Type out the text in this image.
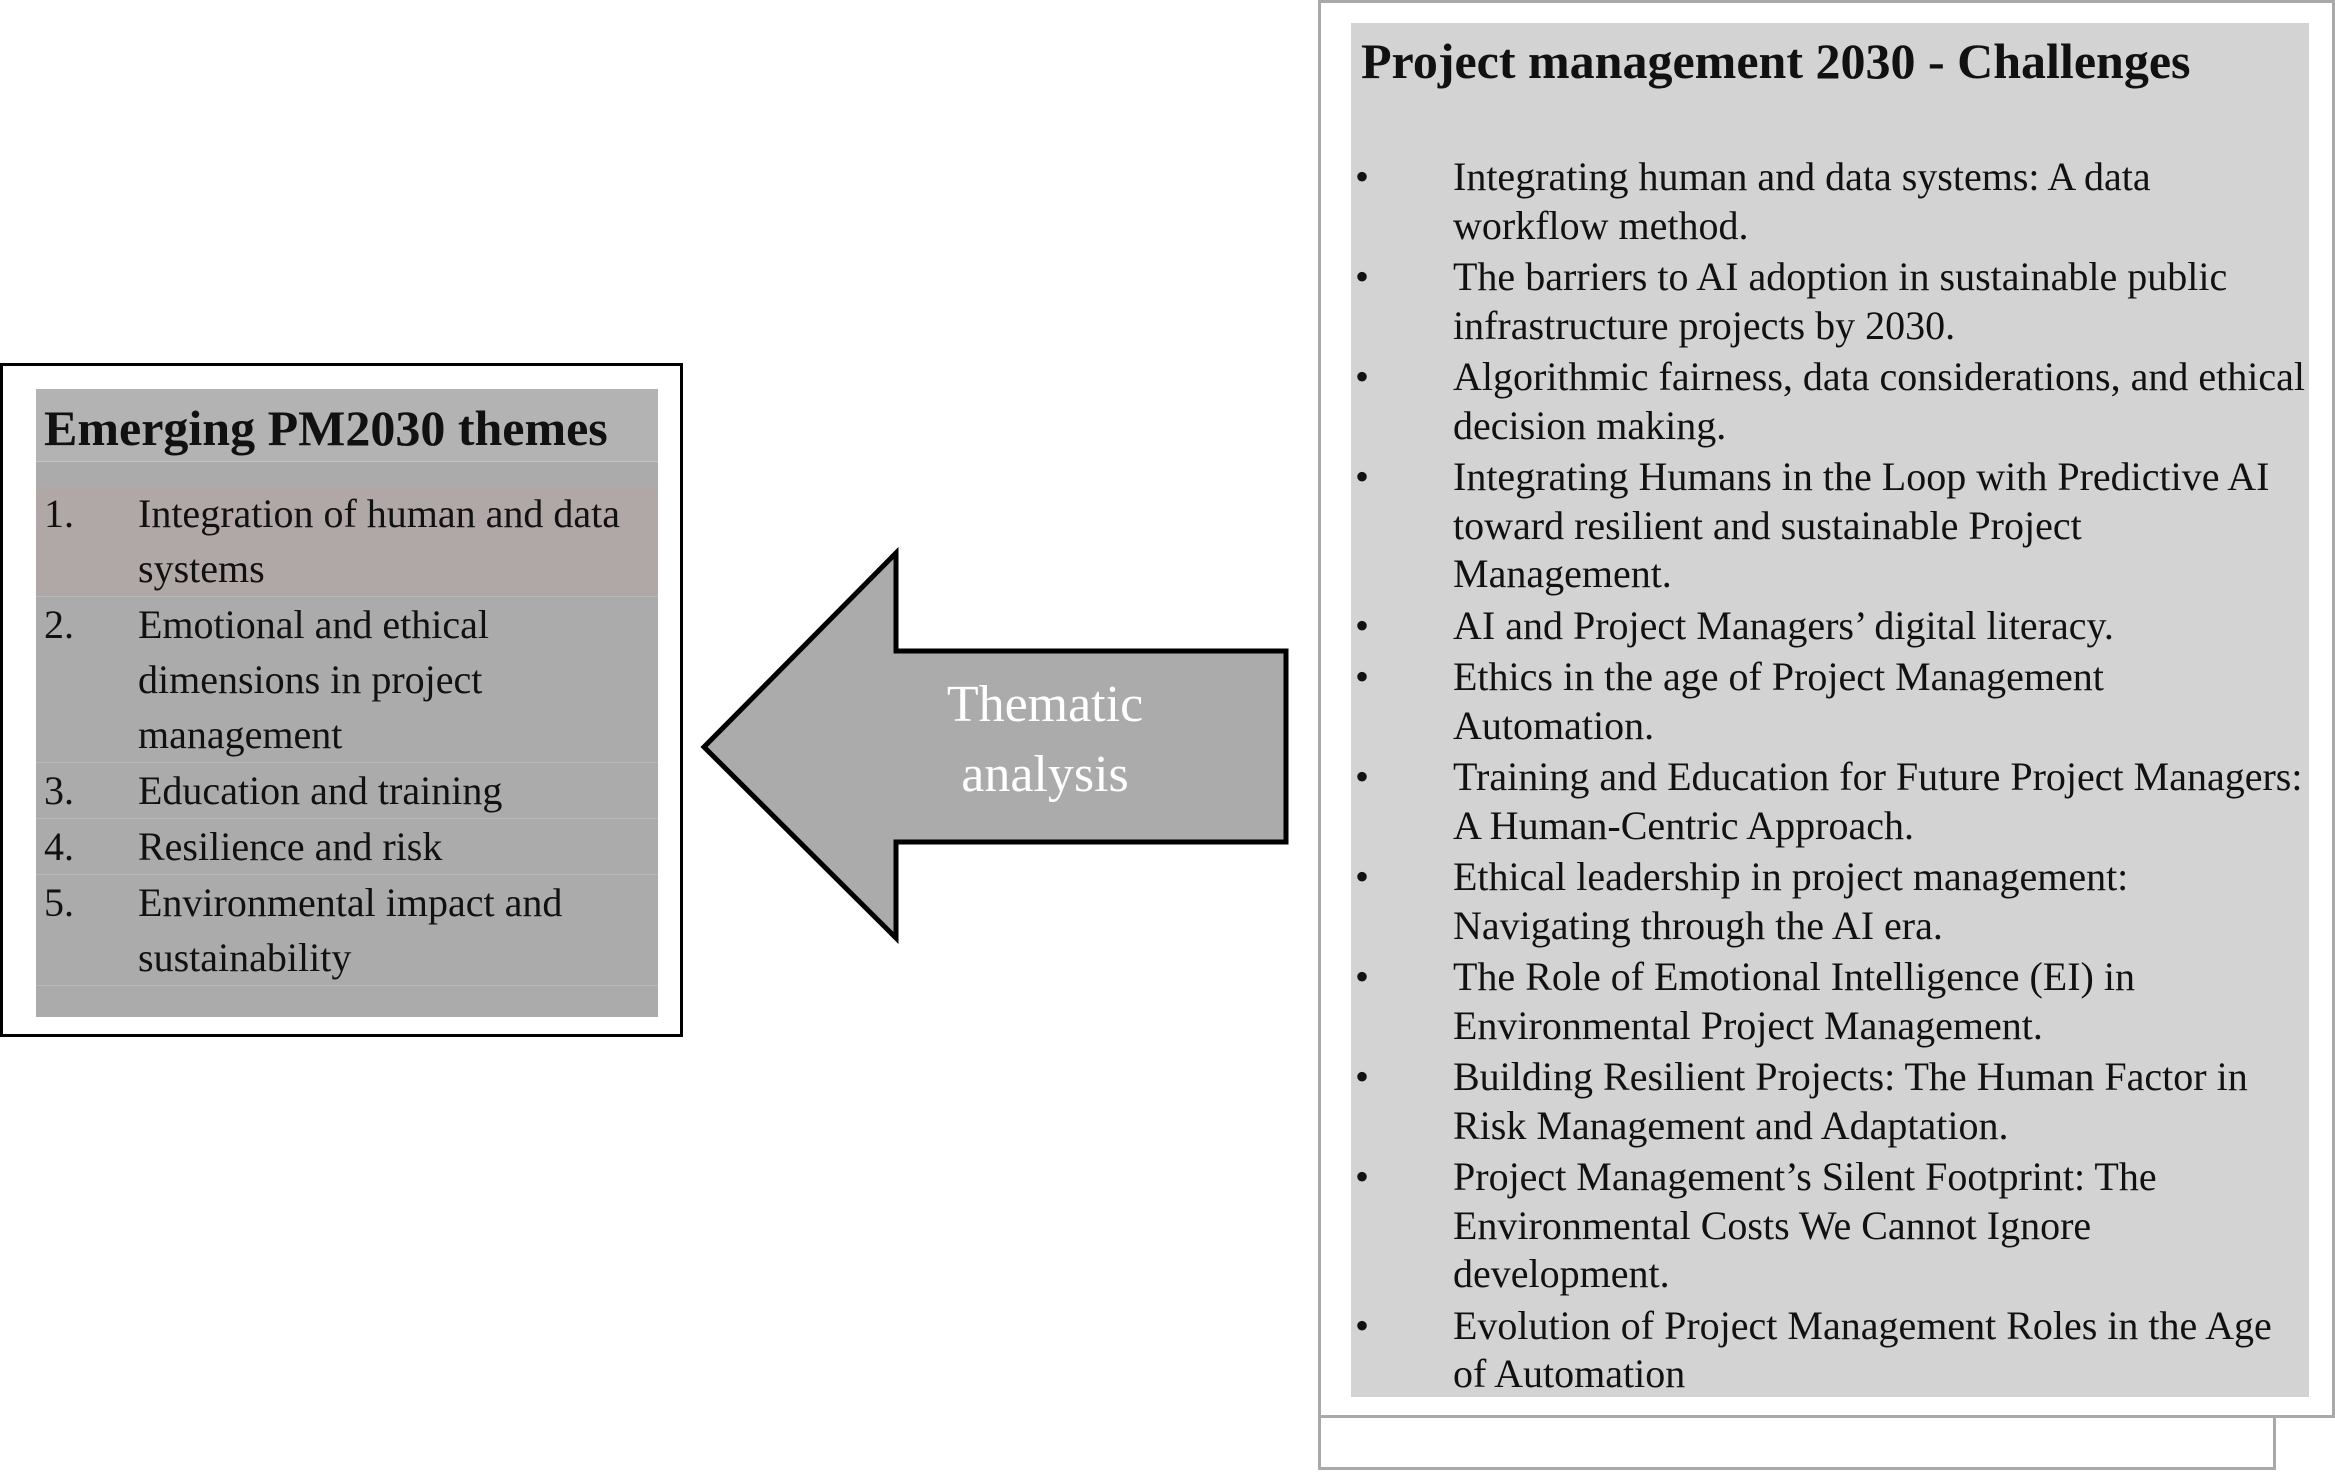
Emerging PM2030 themes
1.	Integration of human and data systems
2.	Emotional and ethical dimensions in project management
3.	Education and training
4.	Resilience and risk
5.	Environmental impact and sustainability
Thematic
analysis
Project management 2030 - Challenges
•	Integrating human and data systems: A data workflow method.
•	The barriers to AI adoption in sustainable public infrastructure projects by 2030.
•	Algorithmic fairness, data considerations, and ethical decision making.
•	Integrating Humans in the Loop with Predictive AI toward resilient and sustainable Project Management.
•	AI and Project Managers’ digital literacy.
•	Ethics in the age of Project Management Automation.
•	Training and Education for Future Project Managers: A Human-Centric Approach.
•	Ethical leadership in project management: Navigating through the AI era.
•	The Role of Emotional Intelligence (EI) in Environmental Project Management.
•	Building Resilient Projects: The Human Factor in Risk Management and Adaptation.
•	Project Management’s Silent Footprint: The Environmental Costs We Cannot Ignore development.
•	Evolution of Project Management Roles in the Age of Automation
